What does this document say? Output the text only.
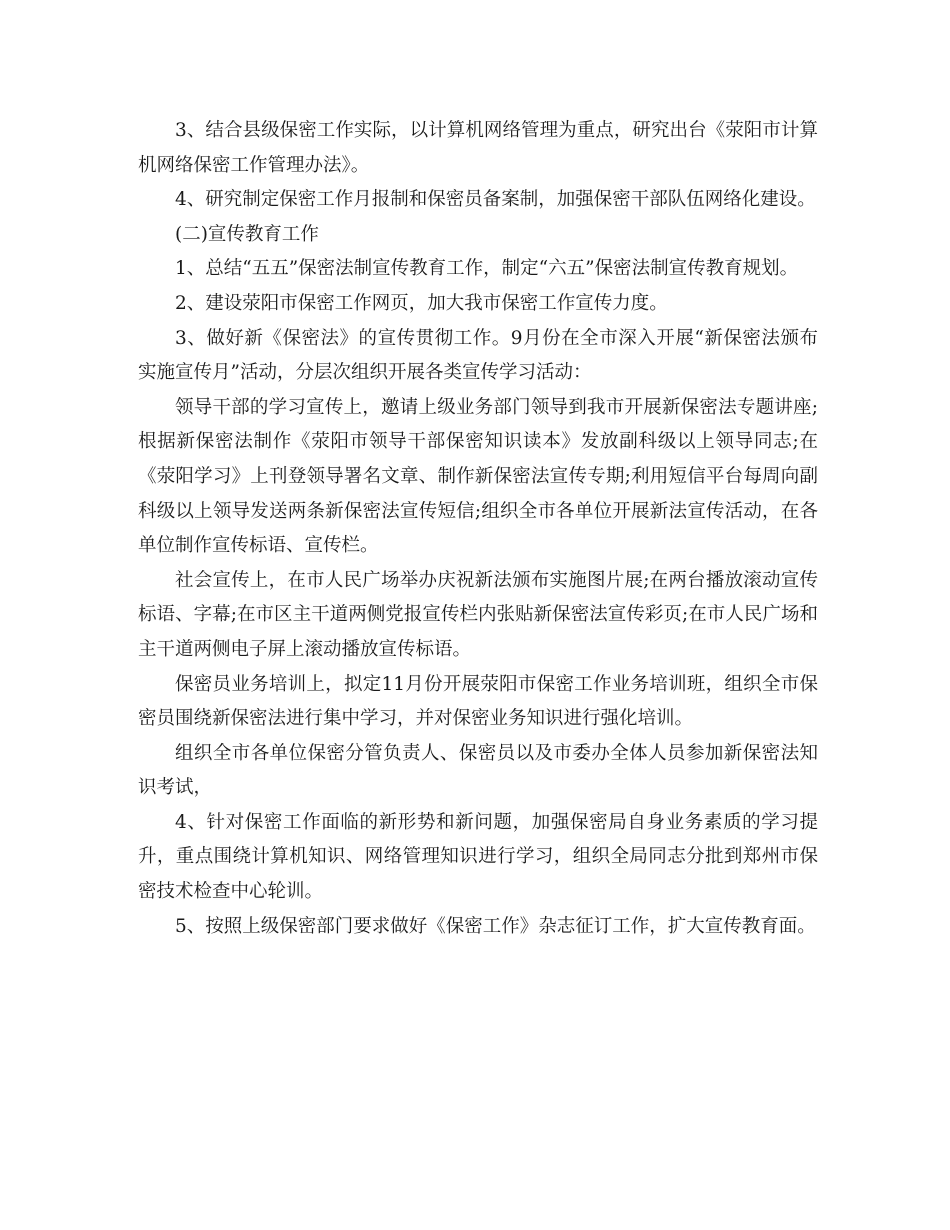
3、结合县级保密工作实际，以计算机网络管理为重点，研究出台《荥阳市计算机网络保密工作管理办法》。

4、研究制定保密工作月报制和保密员备案制，加强保密干部队伍网络化建设。

(二)宣传教育工作

1、总结“五五”保密法制宣传教育工作，制定“六五”保密法制宣传教育规划。

2、建设荥阳市保密工作网页，加大我市保密工作宣传力度。

3、做好新《保密法》的宣传贯彻工作。9月份在全市深入开展“新保密法颁布实施宣传月”活动，分层次组织开展各类宣传学习活动：

领导干部的学习宣传上，邀请上级业务部门领导到我市开展新保密法专题讲座;根据新保密法制作《荥阳市领导干部保密知识读本》发放副科级以上领导同志;在《荥阳学习》上刊登领导署名文章、制作新保密法宣传专期;利用短信平台每周向副科级以上领导发送两条新保密法宣传短信;组织全市各单位开展新法宣传活动，在各单位制作宣传标语、宣传栏。

社会宣传上，在市人民广场举办庆祝新法颁布实施图片展;在两台播放滚动宣传标语、字幕;在市区主干道两侧党报宣传栏内张贴新保密法宣传彩页;在市人民广场和主干道两侧电子屏上滚动播放宣传标语。

保密员业务培训上，拟定11月份开展荥阳市保密工作业务培训班，组织全市保密员围绕新保密法进行集中学习，并对保密业务知识进行强化培训。

组织全市各单位保密分管负责人、保密员以及市委办全体人员参加新保密法知识考试，

4、针对保密工作面临的新形势和新问题，加强保密局自身业务素质的学习提升，重点围绕计算机知识、网络管理知识进行学习，组织全局同志分批到郑州市保密技术检查中心轮训。

5、按照上级保密部门要求做好《保密工作》杂志征订工作，扩大宣传教育面。
